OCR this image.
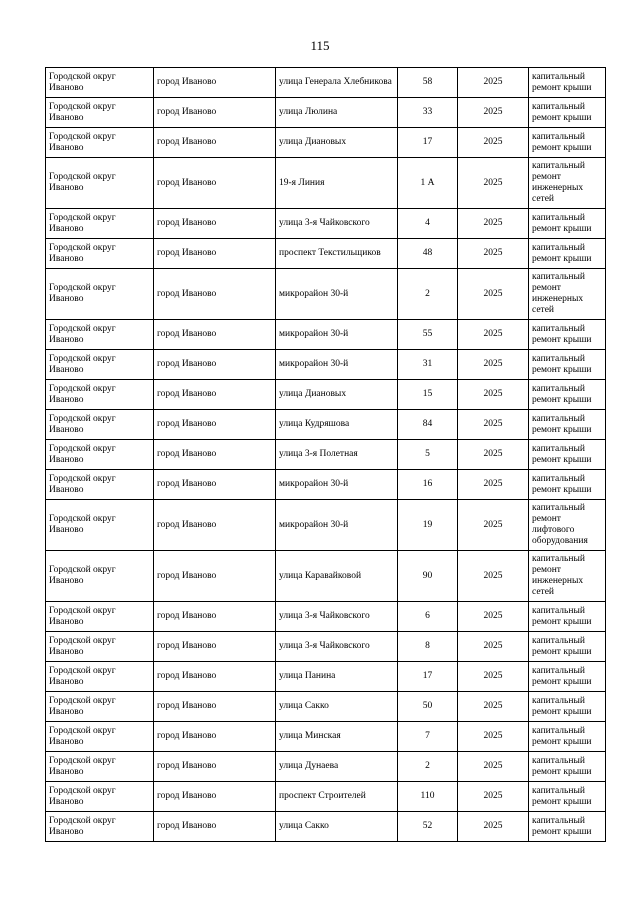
115
Городской округ Иваново	город Иваново	улица Генерала Хлебникова	58	2025	капитальный ремонт крыши
Городской округ Иваново	город Иваново	улица Люлина	33	2025	капитальный ремонт крыши
Городской округ Иваново	город Иваново	улица Диановых	17	2025	капитальный ремонт крыши
Городской округ Иваново	город Иваново	19-я Линия	1 А	2025	капитальный ремонт инженерных сетей
Городской округ Иваново	город Иваново	улица 3-я Чайковского	4	2025	капитальный ремонт крыши
Городской округ Иваново	город Иваново	проспект Текстильщиков	48	2025	капитальный ремонт крыши
Городской округ Иваново	город Иваново	микрорайон 30-й	2	2025	капитальный ремонт инженерных сетей
Городской округ Иваново	город Иваново	микрорайон 30-й	55	2025	капитальный ремонт крыши
Городской округ Иваново	город Иваново	микрорайон 30-й	31	2025	капитальный ремонт крыши
Городской округ Иваново	город Иваново	улица Диановых	15	2025	капитальный ремонт крыши
Городской округ Иваново	город Иваново	улица Кудряшова	84	2025	капитальный ремонт крыши
Городской округ Иваново	город Иваново	улица 3-я Полетная	5	2025	капитальный ремонт крыши
Городской округ Иваново	город Иваново	микрорайон 30-й	16	2025	капитальный ремонт крыши
Городской округ Иваново	город Иваново	микрорайон 30-й	19	2025	капитальный ремонт лифтового оборудования
Городской округ Иваново	город Иваново	улица Каравайковой	90	2025	капитальный ремонт инженерных сетей
Городской округ Иваново	город Иваново	улица 3-я Чайковского	6	2025	капитальный ремонт крыши
Городской округ Иваново	город Иваново	улица 3-я Чайковского	8	2025	капитальный ремонт крыши
Городской округ Иваново	город Иваново	улица Панина	17	2025	капитальный ремонт крыши
Городской округ Иваново	город Иваново	улица Сакко	50	2025	капитальный ремонт крыши
Городской округ Иваново	город Иваново	улица Минская	7	2025	капитальный ремонт крыши
Городской округ Иваново	город Иваново	улица Дунаева	2	2025	капитальный ремонт крыши
Городской округ Иваново	город Иваново	проспект Строителей	110	2025	капитальный ремонт крыши
Городской округ Иваново	город Иваново	улица Сакко	52	2025	капитальный ремонт крыши
